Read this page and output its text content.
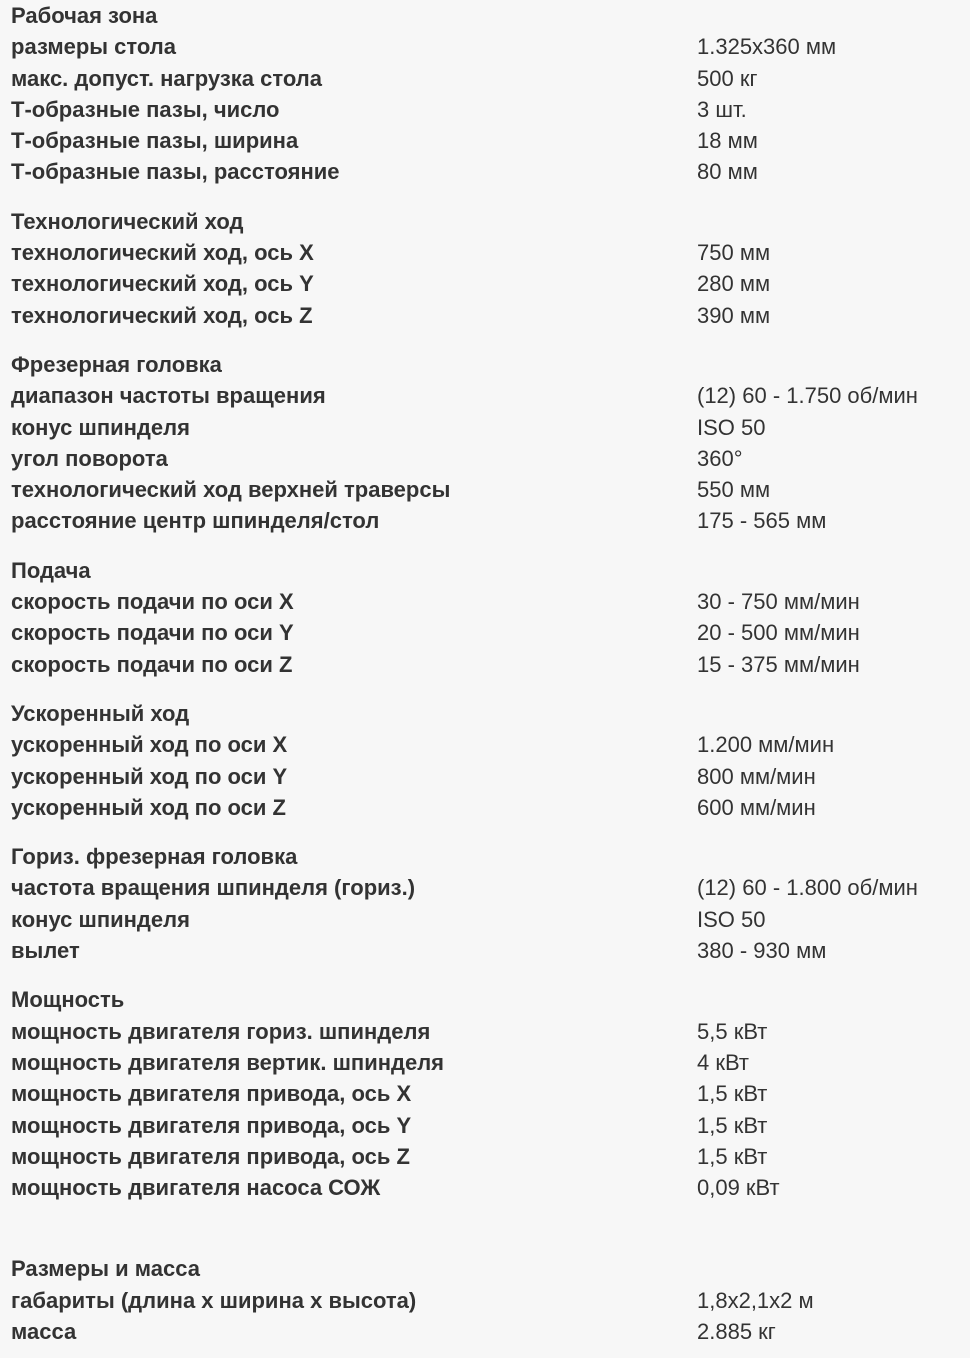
Рабочая зона
размеры стола	1.325x360 мм
макс. допуст. нагрузка стола	500 кг
Т-образные пазы, число	3 шт.
Т-образные пазы, ширина	18 мм
Т-образные пазы, расстояние	80 мм
Технологический ход
технологический ход, ось X	750 мм
технологический ход, ось Y	280 мм
технологический ход, ось Z	390 мм
Фрезерная головка
диапазон частоты вращения	(12) 60 - 1.750 об/мин
конус шпинделя	ISO 50
угол поворота	360°
технологический ход верхней траверсы	550 мм
расстояние центр шпинделя/стол	175 - 565 мм
Подача
скорость подачи по оси X	30 - 750 мм/мин
скорость подачи по оси Y	20 - 500 мм/мин
скорость подачи по оси Z	15 - 375 мм/мин
Ускоренный ход
ускоренный ход по оси X	1.200 мм/мин
ускоренный ход по оси Y	800 мм/мин
ускоренный ход по оси Z	600 мм/мин
Гориз. фрезерная головка
частота вращения шпинделя (гориз.)	(12) 60 - 1.800 об/мин
конус шпинделя	ISO 50
вылет	380 - 930 мм
Мощность
мощность двигателя гориз. шпинделя	5,5 кВт
мощность двигателя вертик. шпинделя	4 кВт
мощность двигателя привода, ось X	1,5 кВт
мощность двигателя привода, ось Y	1,5 кВт
мощность двигателя привода, ось Z	1,5 кВт
мощность двигателя насоса СОЖ	0,09 кВт
Размеры и масса
габариты (длина x ширина x высота)	1,8x2,1x2 м
масса	2.885 кг
